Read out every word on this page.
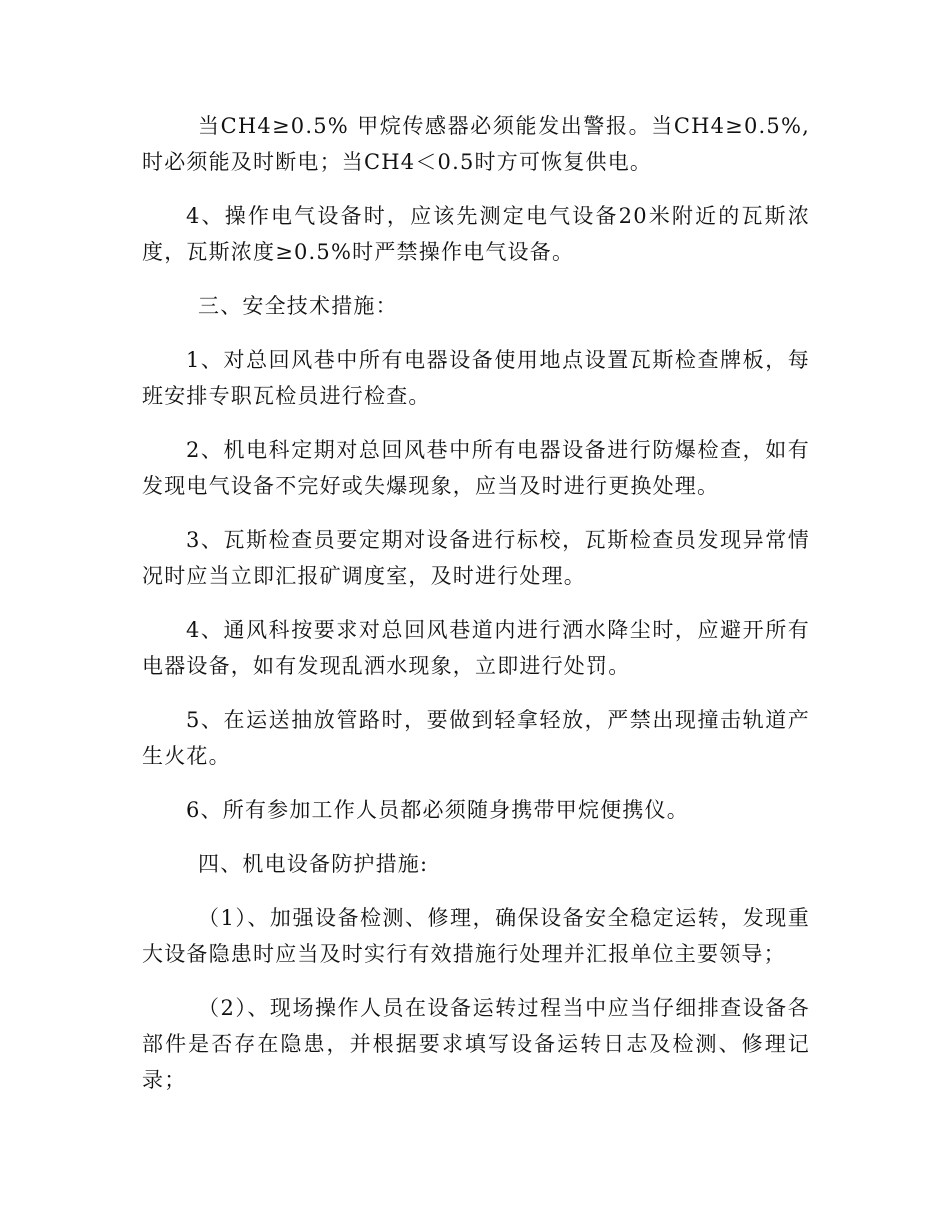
当CH4≥0.5% 甲烷传感器必须能发出警报。当CH4≥0.5%,时必须能及时断电；当CH4＜0.5时方可恢复供电。

4、操作电气设备时，应该先测定电气设备20米附近的瓦斯浓度，瓦斯浓度≥0.5%时严禁操作电气设备。

三、安全技术措施：

1、对总回风巷中所有电器设备使用地点设置瓦斯检查牌板，每班安排专职瓦检员进行检查。

2、机电科定期对总回风巷中所有电器设备进行防爆检查，如有发现电气设备不完好或失爆现象，应当及时进行更换处理。

3、瓦斯检查员要定期对设备进行标校，瓦斯检查员发现异常情况时应当立即汇报矿调度室，及时进行处理。

4、通风科按要求对总回风巷道内进行洒水降尘时，应避开所有电器设备，如有发现乱洒水现象，立即进行处罚。

5、在运送抽放管路时，要做到轻拿轻放，严禁出现撞击轨道产生火花。

6、所有参加工作人员都必须随身携带甲烷便携仪。

四、机电设备防护措施:

（1）、加强设备检测、修理，确保设备安全稳定运转，发现重大设备隐患时应当及时实行有效措施行处理并汇报单位主要领导；

（2）、现场操作人员在设备运转过程当中应当仔细排查设备各部件是否存在隐患，并根据要求填写设备运转日志及检测、修理记录；
